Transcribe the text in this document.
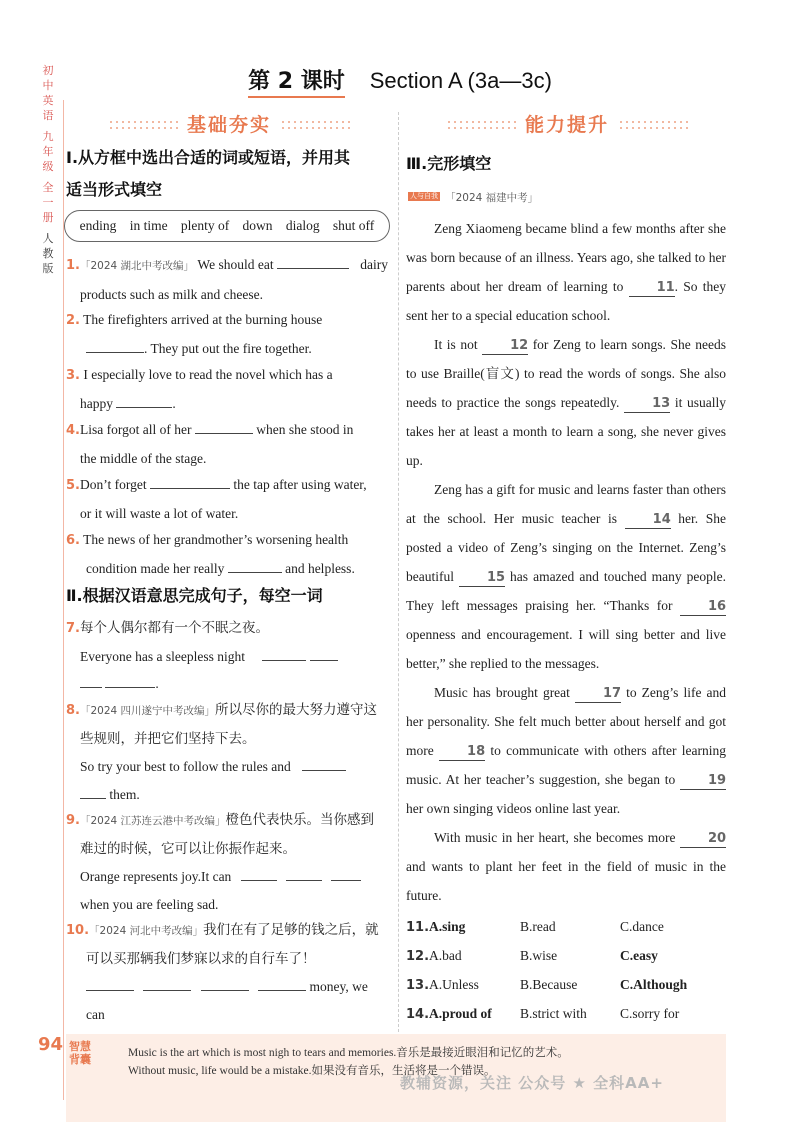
初
中
英
语
九
年
级
全
一
册
人
教
版
第 2 课时 Section A (3a—3c)
基础夯实	能力提升
Ⅰ.从方框中选出合适的词或短语，并用其
适当形式填空
ending in time plenty of down dialog shut off
1.「2024 湖北中考改编」 We should eat	dairy
products such as milk and cheese.
2. The firefighters arrived at the burning house
. They put out the fire together.
3. I especially love to read the novel which has a
happy	.
4.Lisa forgot all of her	when she stood in
the middle of the stage.
5.Don’t forget	the tap after using water,
or it will waste a lot of water.
6. The news of her grandmother’s worsening health
condition made her really	and helpless.
Ⅱ.根据汉语意思完成句子，每空一词
7.每个人偶尔都有一个不眠之夜。
Everyone has a sleepless night
.
8.「2024 四川遂宁中考改编」所以尽你的最大努力遵守这
些规则，并把它们坚持下去。
So try your best to follow the rules and
them.
9.「2024 江苏连云港中考改编」橙色代表快乐。当你感到
难过的时候，它可以让你振作起来。
Orange represents joy.It can
when you are feeling sad.
10.「2024 河北中考改编」我们在有了足够的钱之后，就
可以买那辆我们梦寐以求的自行车了！
money, we can
Ⅲ.完形填空
人与自我 「2024 福建中考」

Zeng Xiaomeng became blind a few months after she was born because of an illness. Years ago, she talked to her parents about her dream of learning to	11. So they sent her to a special education school.

It is not	12 for Zeng to learn songs. She needs to use Braille(盲文) to read the words of songs. She also needs to practice the songs repeatedly.	13 it usually takes her at least a month to learn a song, she never gives up.

Zeng has a gift for music and learns faster than others at the school. Her music teacher is	14 her. She posted a video of Zeng’s singing on the Internet. Zeng’s beautiful	15 has amazed and touched many people. They left messages praising her. “Thanks for	16 openness and encouragement. I will sing better and live better,” she replied to the messages.

Music has brought great	17 to Zeng’s life and her personality. She felt much better about herself and got more	18 to communicate with others after learning music. At her teacher’s suggestion, she began to	19 her own singing videos online last year.

With music in her heart, she becomes more	20 and wants to plant her feet in the field of music in the future.

11.A.sing	B.read	C.dance
12.A.bad	B.wise	C.easy
13.A.Unless	B.Because	C.Although
14.A.proud of	B.strict with	C.sorry for
94 智慧背囊	Music is the art which is most nigh to tears and memories.音乐是最接近眼泪和记忆的艺术。
Without music, life would be a mistake.如果没有音乐，生活将是一个错误。
教辅资源，关注 公众号 ★ 全科AA+
